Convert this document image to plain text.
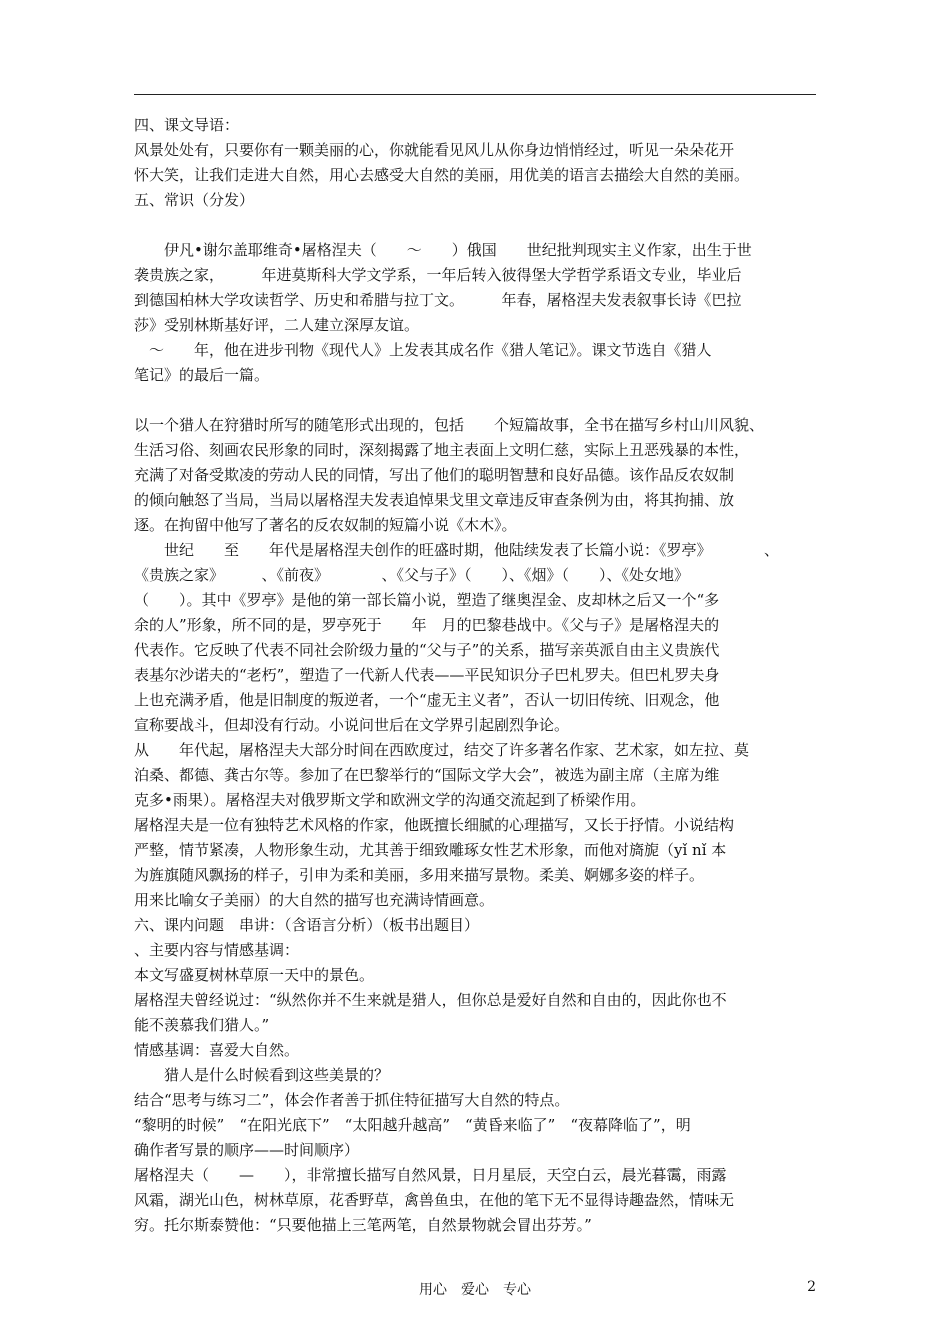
四、课文导语：
风景处处有，只要你有一颗美丽的心，你就能看见风儿从你身边悄悄经过，听见一朵朵花开
怀大笑，让我们走进大自然，用心去感受大自然的美丽，用优美的语言去描绘大自然的美丽。
五、常识（分发）

　　伊凡•谢尔盖耶维奇•屠格涅夫（　　～　　）俄国　　世纪批判现实主义作家，出生于世
袭贵族之家，　　　年进莫斯科大学文学系，一年后转入彼得堡大学哲学系语文专业，毕业后
到德国柏林大学攻读哲学、历史和希腊与拉丁文。　　　年春，屠格涅夫发表叙事长诗《巴拉
莎》受别林斯基好评，二人建立深厚友谊。
　～　　年，他在进步刊物《现代人》上发表其成名作《猎人笔记》。课文节选自《猎人
笔记》的最后一篇。

以一个猎人在狩猎时所写的随笔形式出现的，包括　　个短篇故事，全书在描写乡村山川风貌、
生活习俗、刻画农民形象的同时，深刻揭露了地主表面上文明仁慈，实际上丑恶残暴的本性，
充满了对备受欺凌的劳动人民的同情，写出了他们的聪明智慧和良好品德。该作品反农奴制
的倾向触怒了当局，当局以屠格涅夫发表追悼果戈里文章违反审查条例为由，将其拘捕、放
逐。在拘留中他写了著名的反农奴制的短篇小说《木木》。
　　世纪　　至　　年代是屠格涅夫创作的旺盛时期，他陆续发表了长篇小说：《罗亭》　　　　、
《贵族之家》　　　、《前夜》　　　　、《父与子》（　　）、《烟》（　　）、《处女地》
（　　）。其中《罗亭》是他的第一部长篇小说，塑造了继奥涅金、皮却林之后又一个“多
余的人”形象，所不同的是，罗亭死于　　年　月的巴黎巷战中。《父与子》是屠格涅夫的
代表作。它反映了代表不同社会阶级力量的“父与子”的关系，描写亲英派自由主义贵族代
表基尔沙诺夫的“老朽”，塑造了一代新人代表——平民知识分子巴札罗夫。但巴札罗夫身
上也充满矛盾，他是旧制度的叛逆者，一个“虚无主义者”，否认一切旧传统、旧观念，他
宣称要战斗，但却没有行动。小说问世后在文学界引起剧烈争论。
从　　年代起，屠格涅夫大部分时间在西欧度过，结交了许多著名作家、艺术家，如左拉、莫
泊桑、都德、龚古尔等。参加了在巴黎举行的“国际文学大会”，被选为副主席（主席为维
克多•雨果）。屠格涅夫对俄罗斯文学和欧洲文学的沟通交流起到了桥梁作用。
屠格涅夫是一位有独特艺术风格的作家，他既擅长细腻的心理描写，又长于抒情。小说结构
严整，情节紧凑，人物形象生动，尤其善于细致雕琢女性艺术形象，而他对旖旎（yǐ nǐ 本
为旌旗随风飘扬的样子，引申为柔和美丽，多用来描写景物。柔美、婀娜多姿的样子。
用来比喻女子美丽）的大自然的描写也充满诗情画意。
六、课内问题　串讲：（含语言分析）（板书出题目）
、主要内容与情感基调：
本文写盛夏树林草原一天中的景色。
屠格涅夫曾经说过：“纵然你并不生来就是猎人，但你总是爱好自然和自由的，因此你也不
能不羡慕我们猎人。”
情感基调：喜爱大自然。
　　猎人是什么时候看到这些美景的？
结合“思考与练习二”，体会作者善于抓住特征描写大自然的特点。
“黎明的时候”　“在阳光底下”　“太阳越升越高”　“黄昏来临了”　“夜幕降临了”，明
确作者写景的顺序——时间顺序）
屠格涅夫（　　—　　），非常擅长描写自然风景，日月星辰，天空白云，晨光暮霭，雨露
风霜，湖光山色，树林草原，花香野草，禽兽鱼虫，在他的笔下无不显得诗趣盎然，情味无
穷。托尔斯泰赞他：“只要他描上三笔两笔，自然景物就会冒出芬芳。”
用心　爱心　专心	2
